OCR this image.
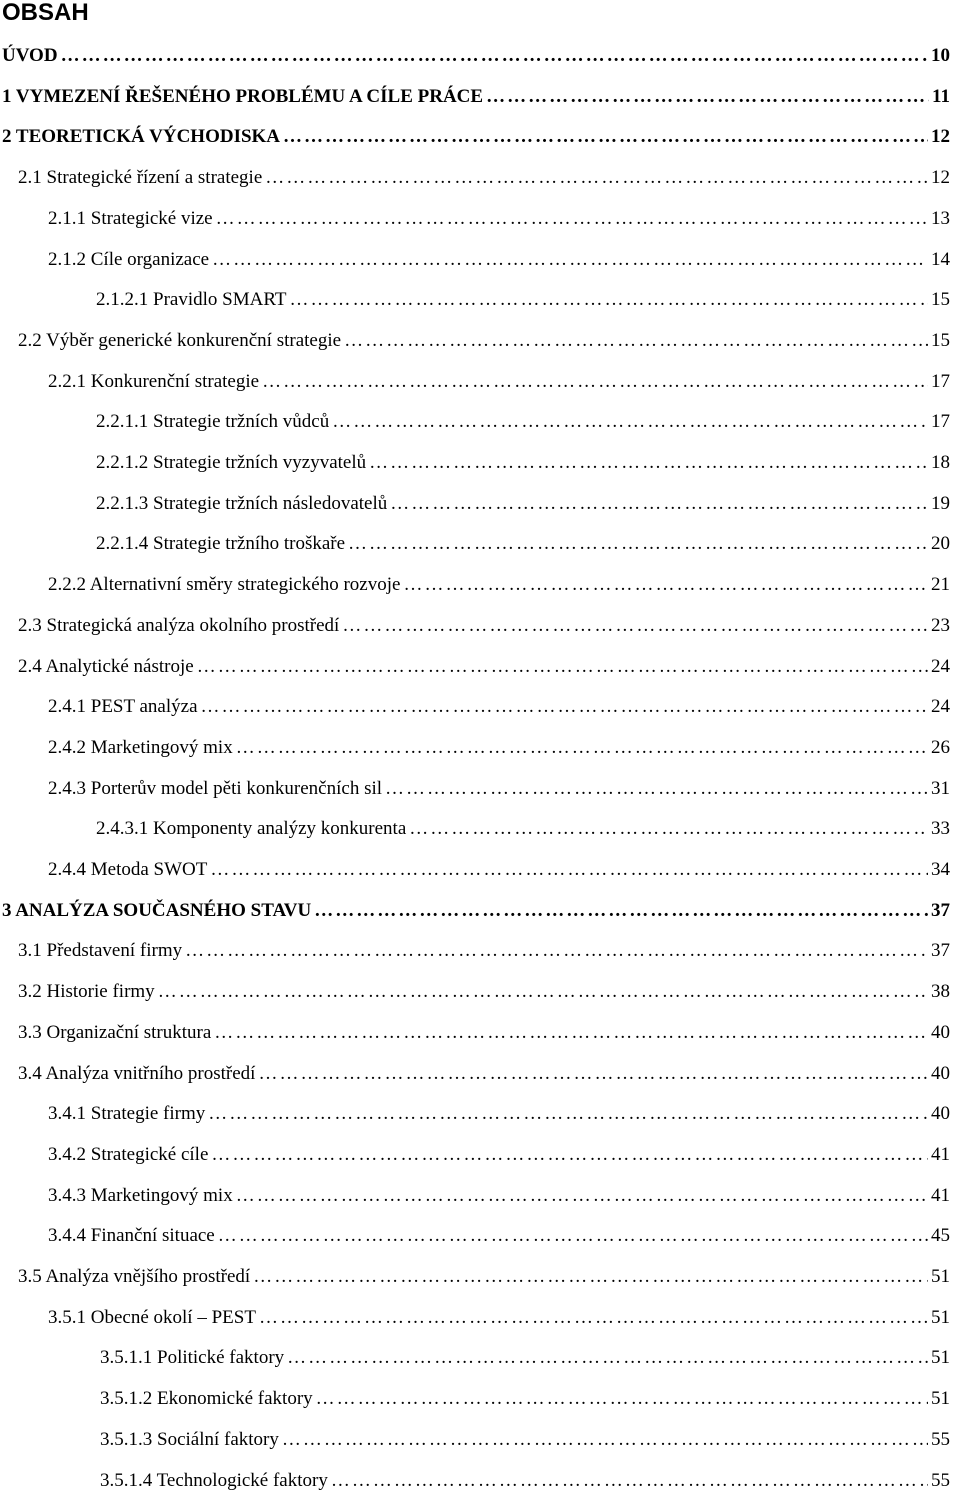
OBSAH
ÚVOD ………………………………………………………………………………………………………………………………………………………………………………………………………………	10
1 VYMEZENÍ ŘEŠENÉHO PROBLÉMU A CÍLE PRÁCE ………………………………………………………………………………………………………………………………………………………………………………………………………………	11
2 TEORETICKÁ VÝCHODISKA ………………………………………………………………………………………………………………………………………………………………………………………………………………	12
2.1 Strategické řízení a strategie ………………………………………………………………………………………………………………………………………………………………………………………………………………	12
2.1.1 Strategické vize ………………………………………………………………………………………………………………………………………………………………………………………………………………	13
2.1.2 Cíle organizace ………………………………………………………………………………………………………………………………………………………………………………………………………………	14
2.1.2.1 Pravidlo SMART ………………………………………………………………………………………………………………………………………………………………………………………………………………	15
2.2 Výběr generické konkurenční strategie ………………………………………………………………………………………………………………………………………………………………………………………………………………	15
2.2.1 Konkurenční strategie ………………………………………………………………………………………………………………………………………………………………………………………………………………	17
2.2.1.1 Strategie tržních vůdců ………………………………………………………………………………………………………………………………………………………………………………………………………………	17
2.2.1.2 Strategie tržních vyzyvatelů ………………………………………………………………………………………………………………………………………………………………………………………………………………	18
2.2.1.3 Strategie tržních následovatelů ………………………………………………………………………………………………………………………………………………………………………………………………………………	19
2.2.1.4 Strategie tržního troškaře ………………………………………………………………………………………………………………………………………………………………………………………………………………	20
2.2.2 Alternativní směry strategického rozvoje ………………………………………………………………………………………………………………………………………………………………………………………………………………	21
2.3 Strategická analýza okolního prostředí ………………………………………………………………………………………………………………………………………………………………………………………………………………	23
2.4 Analytické nástroje ………………………………………………………………………………………………………………………………………………………………………………………………………………	24
2.4.1 PEST analýza ………………………………………………………………………………………………………………………………………………………………………………………………………………	24
2.4.2 Marketingový mix ………………………………………………………………………………………………………………………………………………………………………………………………………………	26
2.4.3 Porterův model pěti konkurenčních sil ………………………………………………………………………………………………………………………………………………………………………………………………………………	31
2.4.3.1 Komponenty analýzy konkurenta ………………………………………………………………………………………………………………………………………………………………………………………………………………	33
2.4.4 Metoda SWOT ………………………………………………………………………………………………………………………………………………………………………………………………………………	34
3 ANALÝZA SOUČASNÉHO STAVU ………………………………………………………………………………………………………………………………………………………………………………………………………………	37
3.1 Představení firmy ………………………………………………………………………………………………………………………………………………………………………………………………………………	37
3.2 Historie firmy ………………………………………………………………………………………………………………………………………………………………………………………………………………	38
3.3 Organizační struktura ………………………………………………………………………………………………………………………………………………………………………………………………………………	40
3.4 Analýza vnitřního prostředí ………………………………………………………………………………………………………………………………………………………………………………………………………………	40
3.4.1 Strategie firmy ………………………………………………………………………………………………………………………………………………………………………………………………………………	40
3.4.2 Strategické cíle ………………………………………………………………………………………………………………………………………………………………………………………………………………	41
3.4.3 Marketingový mix ………………………………………………………………………………………………………………………………………………………………………………………………………………	41
3.4.4 Finanční situace ………………………………………………………………………………………………………………………………………………………………………………………………………………	45
3.5 Analýza vnějšího prostředí ………………………………………………………………………………………………………………………………………………………………………………………………………………	51
3.5.1 Obecné okolí – PEST ………………………………………………………………………………………………………………………………………………………………………………………………………………	51
3.5.1.1 Politické faktory ………………………………………………………………………………………………………………………………………………………………………………………………………………	51
3.5.1.2 Ekonomické faktory ………………………………………………………………………………………………………………………………………………………………………………………………………………	51
3.5.1.3 Sociální faktory ………………………………………………………………………………………………………………………………………………………………………………………………………………	55
3.5.1.4 Technologické faktory ………………………………………………………………………………………………………………………………………………………………………………………………………………	55
